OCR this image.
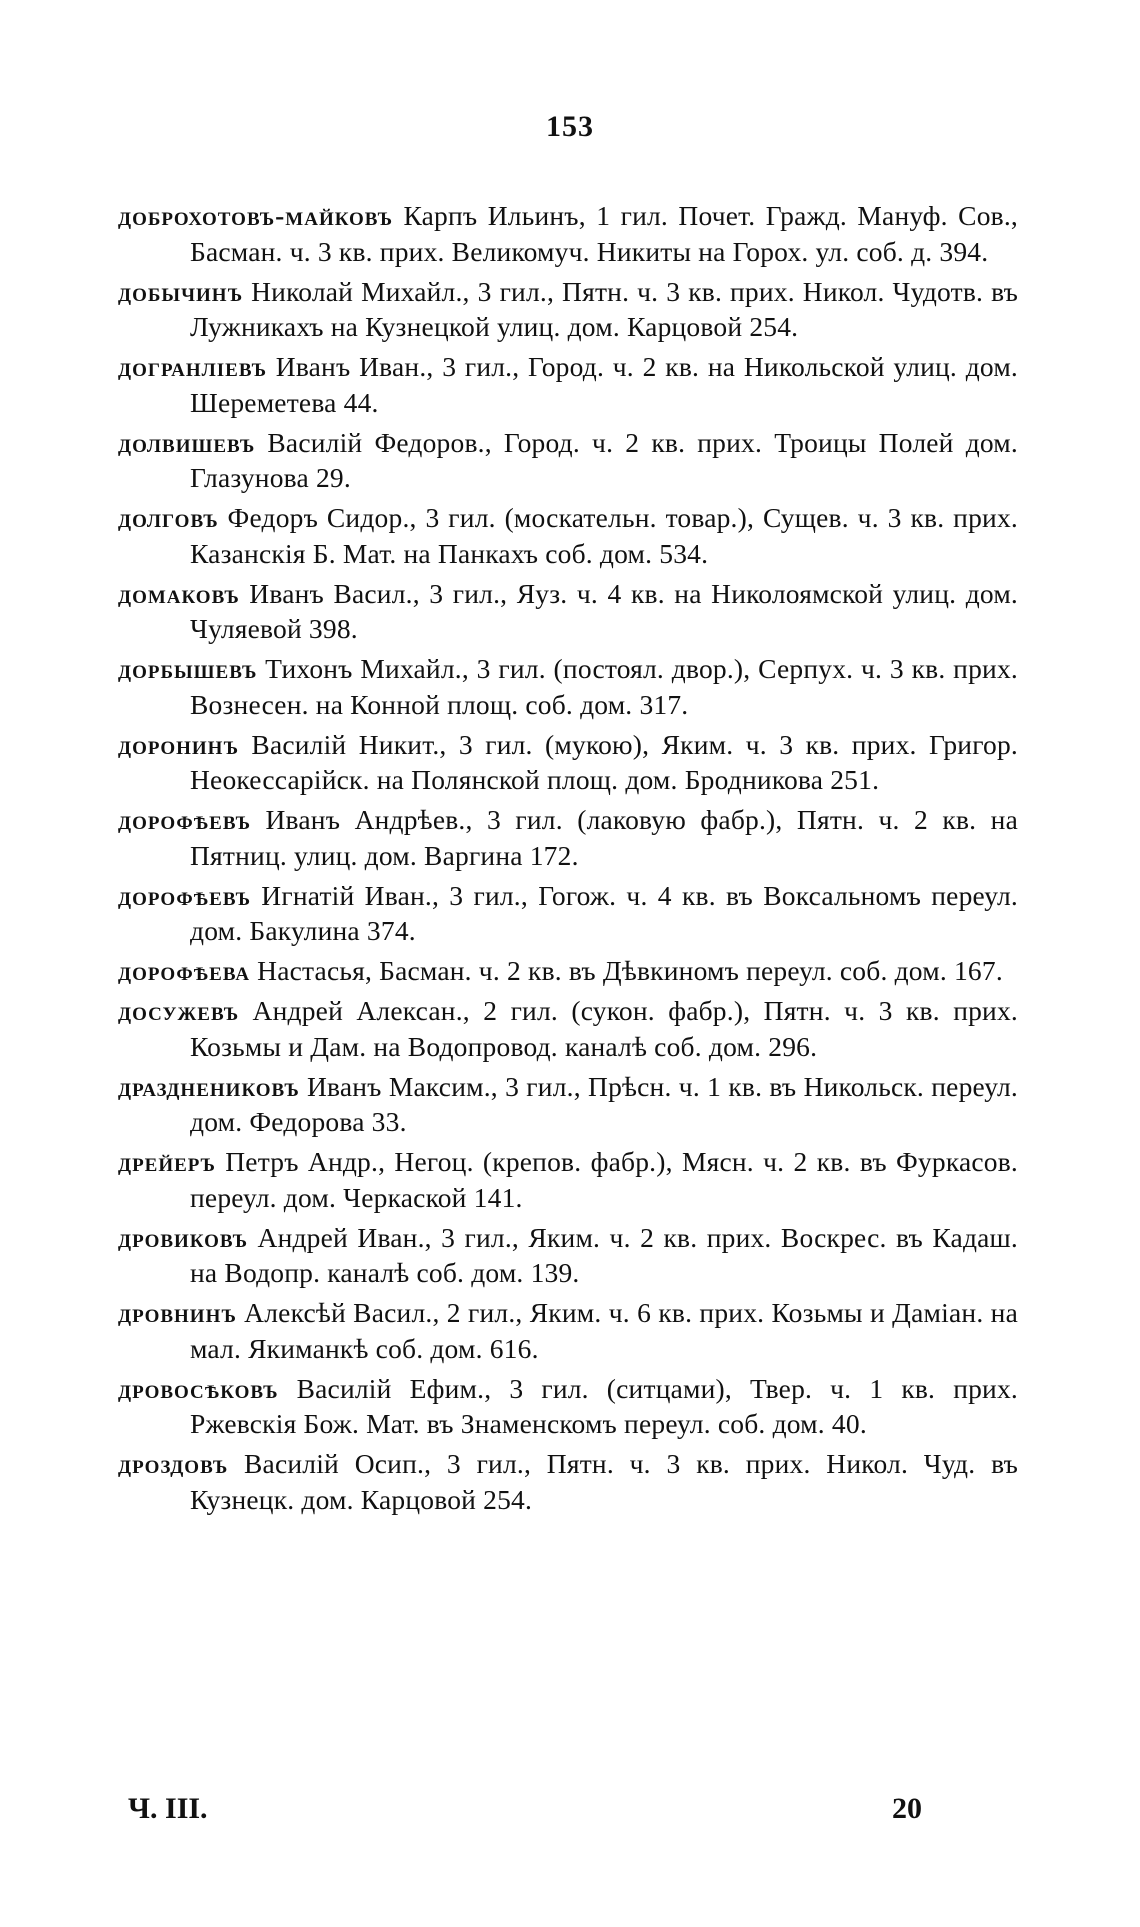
153

доброхотовъ-майковъ Карпъ Ильинъ, 1 гил. Почет. Гражд. Мануф. Сов., Басман. ч. 3 кв. прих. Великомуч. Никиты на Горох. ул. соб. д. 394.

добычинъ Николай Михайл., 3 гил., Пятн. ч. 3 кв. прих. Никол. Чудотв. въ Лужникахъ на Кузнецкой улиц. дом. Карцовой 254.

догранліевъ Иванъ Иван., 3 гил., Город. ч. 2 кв. на Никольской улиц. дом. Шереметева 44.

долвишевъ Василій Федоров., Город. ч. 2 кв. прих. Троицы Полей дом. Глазунова 29.

долговъ Федоръ Сидор., 3 гил. (москательн. товар.), Сущев. ч. 3 кв. прих. Казанскія Б. Мат. на Панкахъ соб. дом. 534.

домаковъ Иванъ Васил., 3 гил., Яуз. ч. 4 кв. на Николоямской улиц. дом. Чуляевой 398.

дорбышевъ Тихонъ Михайл., 3 гил. (постоял. двор.), Серпух. ч. 3 кв. прих. Вознесен. на Конной площ. соб. дом. 317.

доронинъ Василій Никит., 3 гил. (мукою), Яким. ч. 3 кв. прих. Григор. Неокессарійск. на Полянской площ. дом. Бродникова 251.

дорофѣевъ Иванъ Андрѣев., 3 гил. (лаковую фабр.), Пятн. ч. 2 кв. на Пятниц. улиц. дом. Варгина 172.

дорофѣевъ Игнатій Иван., 3 гил., Гогож. ч. 4 кв. въ Воксальномъ переул. дом. Бакулина 374.

дорофѣева Настасья, Басман. ч. 2 кв. въ Дѣвкиномъ переул. соб. дом. 167.

досужевъ Андрей Алексан., 2 гил. (сукон. фабр.), Пятн. ч. 3 кв. прих. Козьмы и Дам. на Водопровод. каналѣ соб. дом. 296.

дразднениковъ Иванъ Максим., 3 гил., Прѣсн. ч. 1 кв. въ Никольск. переул. дом. Федорова 33.

дрейеръ Петръ Андр., Негоц. (крепов. фабр.), Мясн. ч. 2 кв. въ Фуркасов. переул. дом. Черкаской 141.

дровиковъ Андрей Иван., 3 гил., Яким. ч. 2 кв. прих. Воскрес. въ Кадаш. на Водопр. каналѣ соб. дом. 139.

дровнинъ Алексѣй Васил., 2 гил., Яким. ч. 6 кв. прих. Козьмы и Даміан. на мал. Якиманкѣ соб. дом. 616.

дровосѣковъ Василій Ефим., 3 гил. (ситцами), Твер. ч. 1 кв. прих. Ржевскія Бож. Мат. въ Знаменскомъ переул. соб. дом. 40.

дроздовъ Василій Осип., 3 гил., Пятн. ч. 3 кв. прих. Никол. Чуд. въ Кузнецк. дом. Карцовой 254.

Ч. III.	20
